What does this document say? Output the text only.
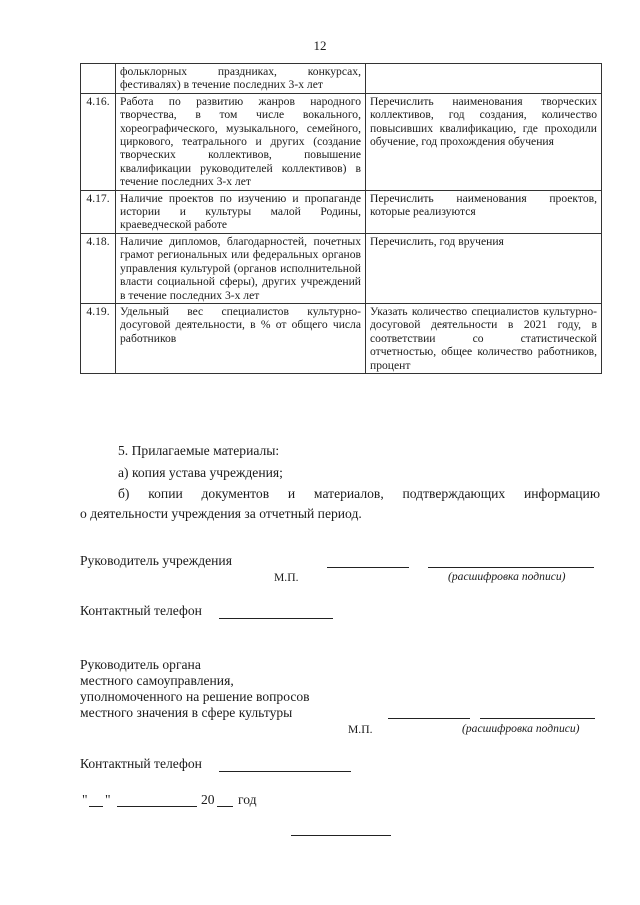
12
	фольклорных праздниках, конкурсах, фестивалях) в течение последних 3-х лет	
4.16.	Работа по развитию жанров народного творчества, в том числе вокального, хореографического, музыкального, семейного, циркового, театрального и других (создание творческих коллективов, повышение квалификации руководителей коллективов) в течение последних 3-х лет	Перечислить наименования творческих коллективов, год создания, количество повысивших квалификацию, где проходили обучение, год прохождения обучения
4.17.	Наличие проектов по изучению и пропаганде истории и культуры малой Родины, краеведческой работе	Перечислить наименования проектов, которые реализуются
4.18.	Наличие дипломов, благодарностей, почетных грамот региональных или федеральных органов управления культурой (органов исполнительной власти социальной сферы), других учреждений в течение последних 3-х лет	Перечислить, год вручения
4.19.	Удельный вес специалистов культурно-досуговой деятельности, в % от общего числа работников	Указать количество специалистов культурно-досуговой деятельности в 2021 году, в соответствии со статистической отчетностью, общее количество работников, процент
5. Прилагаемые материалы:
а) копия устава учреждения;
б) копии документов и материалов, подтверждающих информацию
о деятельности учреждения за отчетный период.
Руководитель учреждения
М.П.	(расшифровка подписи)
Контактный телефон
Руководитель органа
местного самоуправления,
уполномоченного на решение вопросов
местного значения в сфере культуры
М.П.	(расшифровка подписи)
Контактный телефон
" "	20 год
